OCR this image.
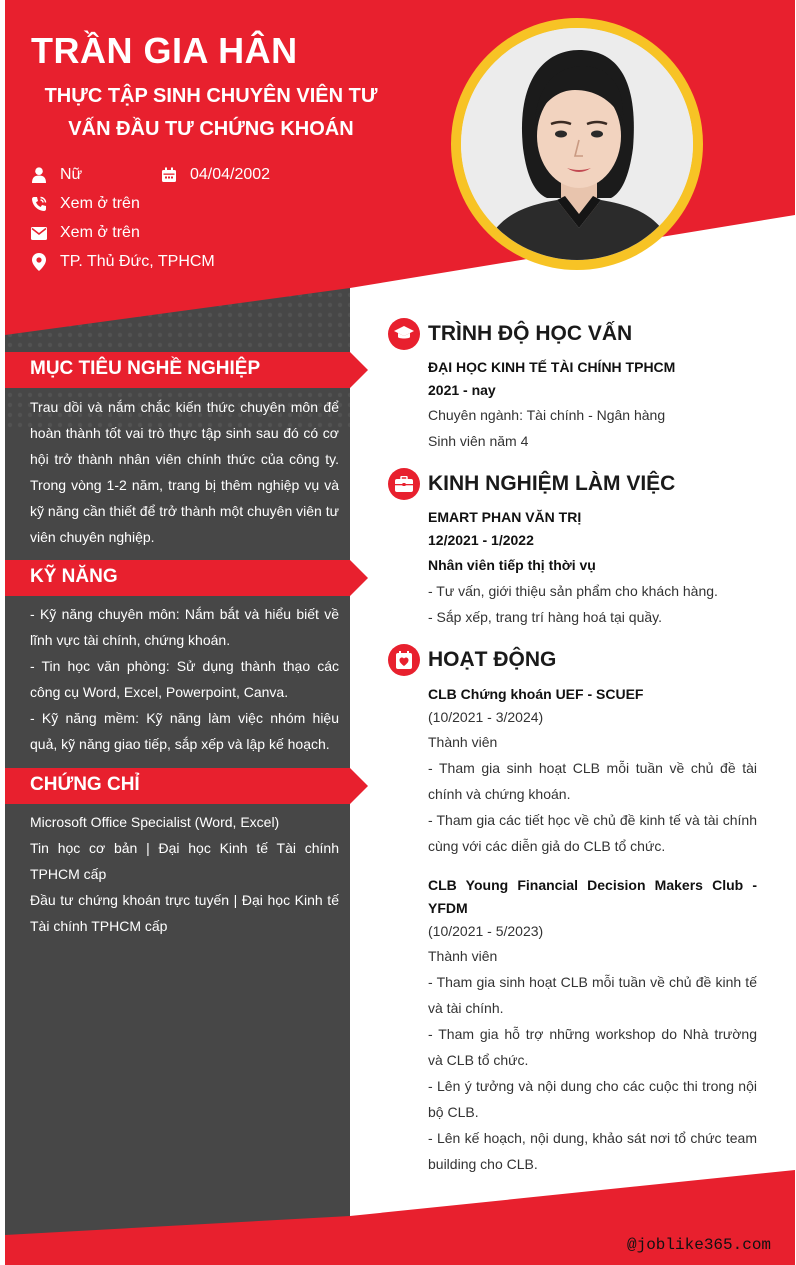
TRẦN GIA HÂN
THỰC TẬP SINH CHUYÊN VIÊN TƯ VẤN ĐẦU TƯ CHỨNG KHOÁN
Nữ	04/04/2002
Xem ở trên
Xem ở trên
TP. Thủ Đức, TPHCM
MỤC TIÊU NGHỀ NGHIỆP

Trau dồi và nắm chắc kiến thức chuyên môn để hoàn thành tốt vai trò thực tập sinh sau đó có cơ hội trở thành nhân viên chính thức của công ty. Trong vòng 1-2 năm, trang bị thêm nghiệp vụ và kỹ năng cần thiết để trở thành một chuyên viên tư viên chuyên nghiệp.

KỸ NĂNG

- Kỹ năng chuyên môn: Nắm bắt và hiểu biết về lĩnh vực tài chính, chứng khoán.

- Tin học văn phòng: Sử dụng thành thạo các công cụ Word, Excel, Powerpoint, Canva.

- Kỹ năng mềm: Kỹ năng làm việc nhóm hiệu quả, kỹ năng giao tiếp, sắp xếp và lập kế hoạch.

CHỨNG CHỈ

Microsoft Office Specialist (Word, Excel)

Tin học cơ bản | Đại học Kinh tế Tài chính TPHCM cấp

Đầu tư chứng khoán trực tuyến | Đại học Kinh tế Tài chính TPHCM cấp

TRÌNH ĐỘ HỌC VẤN

ĐẠI HỌC KINH TẾ TÀI CHÍNH TPHCM

2021 - nay

Chuyên ngành: Tài chính - Ngân hàng

Sinh viên năm 4

KINH NGHIỆM LÀM VIỆC

EMART PHAN VĂN TRỊ

12/2021 - 1/2022

Nhân viên tiếp thị thời vụ

- Tư vấn, giới thiệu sản phẩm cho khách hàng.

- Sắp xếp, trang trí hàng hoá tại quầy.

HOẠT ĐỘNG

CLB Chứng khoán UEF - SCUEF

(10/2021 - 3/2024)

Thành viên

- Tham gia sinh hoạt CLB mỗi tuần về chủ đề tài chính và chứng khoán.

- Tham gia các tiết học về chủ đề kinh tế và tài chính cùng với các diễn giả do CLB tổ chức.

CLB Young Financial Decision Makers Club - YFDM

(10/2021 - 5/2023)

Thành viên

- Tham gia sinh hoạt CLB mỗi tuần về chủ đề kinh tế và tài chính.

- Tham gia hỗ trợ những workshop do Nhà trường và CLB tổ chức.

- Lên ý tưởng và nội dung cho các cuộc thi trong nội bộ CLB.

- Lên kế hoạch, nội dung, khảo sát nơi tổ chức team building cho CLB.

@joblike365.com
